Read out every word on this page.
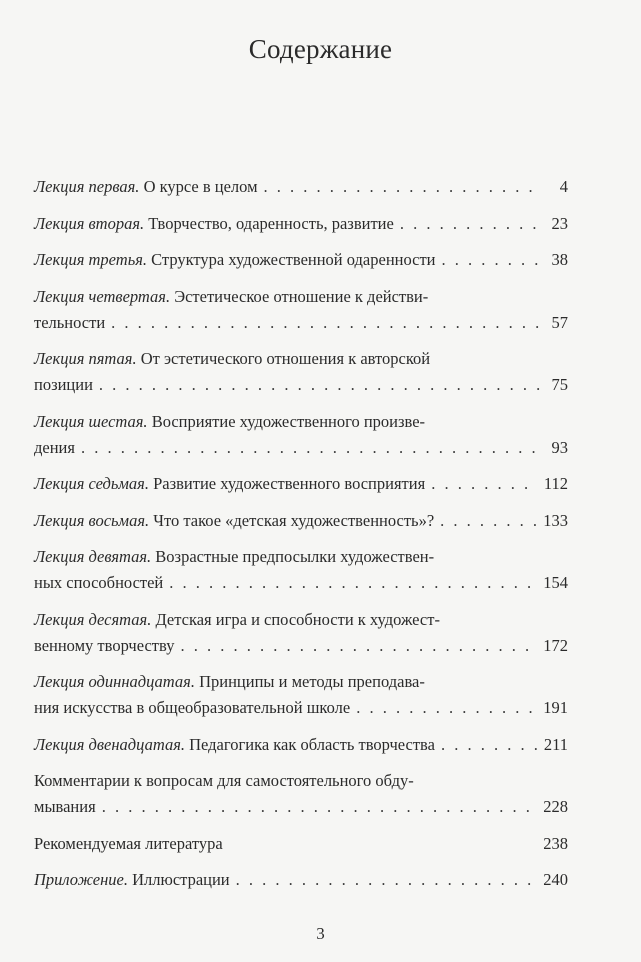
Содержание
Лекция первая. О курсе в целом . . .	4
Лекция вторая. Творчество, одаренность, развитие . . .	23
Лекция третья. Структура художественной одаренности . . .	38
Лекция четвертая. Эстетическое отношение к действи-
тельности . . .	57
Лекция пятая. От эстетического отношения к авторской
позиции . . .	75
Лекция шестая. Восприятие художественного произве-
дения . . .	93
Лекция седьмая. Развитие художественного восприятия . . .	112
Лекция восьмая. Что такое «детская художественность»? . . .	133
Лекция девятая. Возрастные предпосылки художествен-
ных способностей . . .	154
Лекция десятая. Детская игра и способности к художест-
венному творчеству . . .	172
Лекция одиннадцатая. Принципы и методы преподава-
ния искусства в общеобразовательной школе . . .	191
Лекция двенадцатая. Педагогика как область творчества . . .	211
Комментарии к вопросам для самостоятельного обду-
мывания . . .	228
Рекомендуемая литература	238
Приложение. Иллюстрации . . .	240
3
